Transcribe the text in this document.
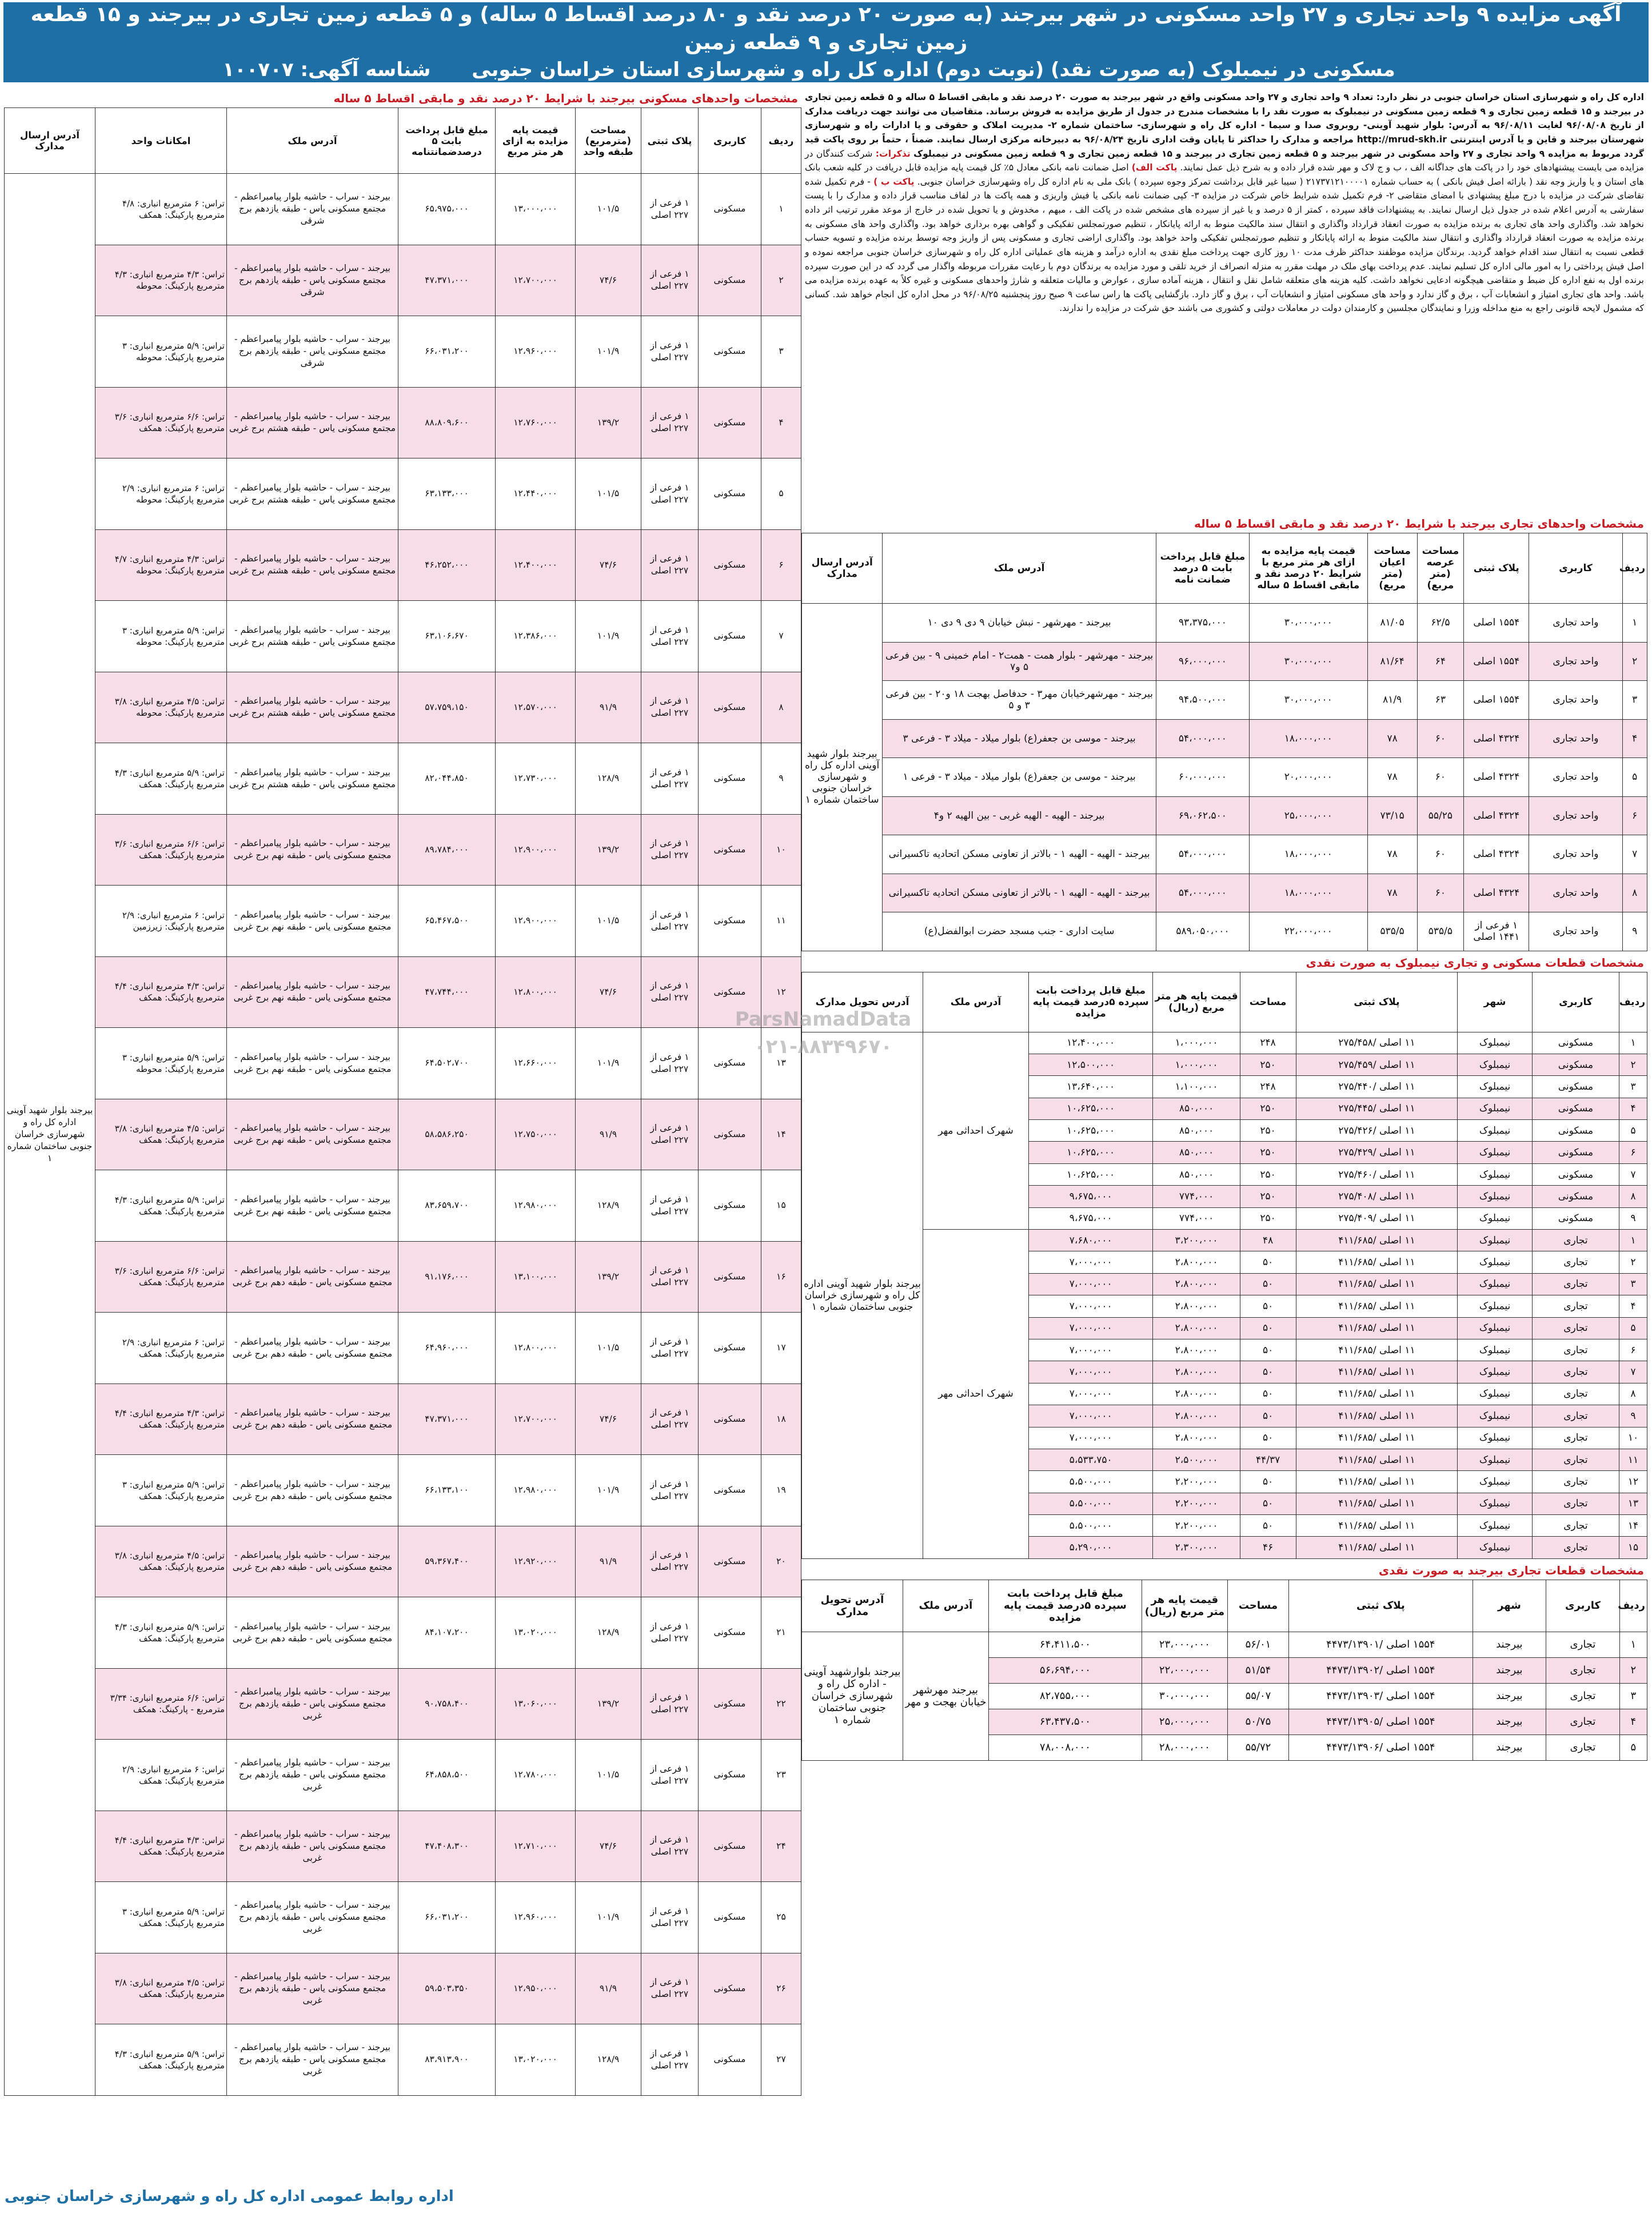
آگهی مزایده ۹ واحد تجاری و ۲۷ واحد مسکونی در شهر بیرجند (به صورت ۲۰ درصد نقد و ۸۰ درصد اقساط ۵ ساله) و ۵ قطعه زمین تجاری در بیرجند و ۱۵ قطعه زمین تجاری و ۹ قطعه زمین
مسکونی در نیمبلوک (به صورت نقد) (نوبت دوم) اداره کل راه و شهرسازی استان خراسان جنوبی شناسه آگهی: ۱۰۰۷۰۷
اداره کل راه و شهرسازی استان خراسان جنوبی در نظر دارد: تعداد ۹ واحد تجاری و ۲۷ واحد مسکونی واقع در شهر بیرجند به صورت ۲۰ درصد نقد و مابقی اقساط ۵ ساله و ۵ قطعه زمین تجاری در بیرجند و ۱۵ قطعه زمین تجاری و ۹ قطعه زمین مسکونی در نیمبلوک به صورت نقد را با مشخصات مندرج در جدول از طریق مزایده به فروش برساند. متقاضیان می توانند جهت دریافت مدارک از تاریخ ۹۶/۰۸/۰۸ لغایت ۹۶/۰۸/۱۱ به آدرس: بلوار شهید آوینی- روبروی صدا و سیما - اداره کل راه و شهرسازی- ساختمان شماره ۲- مدیریت املاک و حقوقی و یا ادارات راه و شهرسازی شهرستان بیرجند و قاین و یا آدرس اینترنتی http://mrud-skh.ir مراجعه و مدارک را حداکثر تا پایان وقت اداری تاریخ ۹۶/۰۸/۲۴ به دبیرخانه مرکزی ارسال نمایند. ضمناً ، حتماً بر روی پاکت قید گردد مربوط به مزایده ۹ واحد تجاری و ۲۷ واحد مسکونی در شهر بیرجند و ۵ قطعه زمین تجاری در بیرجند و ۱۵ قطعه زمین تجاری و ۹ قطعه زمین مسکونی در نیمبلوک تذکرات: شرکت کنندگان در مزایده می بایست پیشنهادهای خود را در پاکت های جداگانه الف ، ب و ج لاک و مهر شده قرار داده و به شرح ذیل عمل نمایند. پاکت الف) اصل ضمانت نامه بانکی معادل ۵٪ کل قیمت پایه مزایده قابل دریافت در کلیه شعب بانک های استان و یا واریز وجه نقد ( بارائه اصل فیش بانکی ) به حساب شماره ۲۱۷۳۷۱۲۱۰۰۰۰۱ ( سیبا غیر قابل برداشت تمرکز وجوه سپرده ) بانک ملی به نام اداره کل راه وشهرسازی خراسان جنوبی. پاکت ب ) - فرم تکمیل شده تقاضای شرکت در مزایده با درج مبلغ پیشنهادی با امضای متقاضی ۲- فرم تکمیل شده شرایط خاص شرکت در مزایده ۳- کپی ضمانت نامه بانکی یا فیش واریزی و همه پاکت ها در لفاف مناسب قرار داده و مدارک را با پست سفارشی به آدرس اعلام شده در جدول ذیل ارسال نمایند. به پیشنهادات فاقد سپرده ، کمتر از ۵ درصد و یا غیر از سپرده های مشخص شده در پاکت الف ، مبهم ، مخدوش و یا تحویل شده در خارج از موعد مقرر ترتیب اثر داده نخواهد شد. واگذاری واحد های تجاری به برنده مزایده به صورت انعقاد قرارداد واگذاری و انتقال سند مالکیت منوط به ارائه پایانکار ، تنظیم صورتمجلس تفکیکی و گواهی بهره برداری خواهد بود. واگذاری واحد های مسکونی به برنده مزایده به صورت انعقاد قرارداد واگذاری و انتقال سند مالکیت منوط به ارائه پایانکار و تنظیم صورتمجلس تفکیکی واحد خواهد بود. واگذاری اراضی تجاری و مسکونی پس از واریز وجه توسط برنده مزایده و تسویه حساب قطعی نسبت به انتقال سند اقدام خواهد گردید. برندگان مزایده موظفند حداکثر ظرف مدت ۱۰ روز کاری جهت پرداخت مبلغ نقدی به اداره درآمد و هزینه های عملیاتی اداره کل راه و شهرسازی خراسان جنوبی مراجعه نموده و اصل فیش پرداختی را به امور مالی اداره کل تسلیم نمایند. عدم پرداخت بهای ملک در مهلت مقرر به منزله انصراف از خرید تلقی و مورد مزایده به برندگان دوم با رعایت مقررات مربوطه واگذار می گردد که در این صورت سپرده برنده اول به نفع اداره کل ضبط و متقاضی هیچگونه ادعایی نخواهد داشت. کلیه هزینه های متعلقه شامل نقل و انتقال ، هزینه آماده سازی ، عوارض و مالیات متعلقه و شارژ واحدهای مسکونی و غیره کلاً به عهده برنده مزایده می باشد. واحد های تجاری امتیاز و انشعابات آب ، برق و گاز ندارد و واحد های مسکونی امتیاز و انشعابات آب ، برق و گاز دارد. بازگشایی پاکت ها راس ساعت ۹ صبح روز پنجشنبه ۹۶/۰۸/۲۵ در محل اداره کل انجام خواهد شد. کسانی که مشمول لایحه قانونی راجع به منع مداخله وزرا و نمایندگان مجلسین و کارمندان دولت در معاملات دولتی و کشوری می باشند حق شرکت در مزایده را ندارند.
مشخصات واحدهای تجاری بیرجند با شرایط ۲۰ درصد نقد و مابقی اقساط ۵ ساله
ردیف	کاربری	پلاک ثبتی	مساحت عرصه (متر مربع)	مساحت اعیان (متر مربع)	قیمت پایه مزایده به ازای هر متر مربع با شرایط ۲۰ درصد نقد و مابقی اقساط ۵ ساله	مبلغ قابل پرداخت بابت ۵ درصد ضمانت نامه	آدرس ملک	آدرس ارسال مدارک
۱	واحد تجاری	۱۵۵۴ اصلی	۶۲/۵	۸۱/۰۵	۳۰،۰۰۰،۰۰۰	۹۳،۳۷۵،۰۰۰	بیرجند - مهرشهر - نبش خیابان ۹ دی ۹ دی ۱۰	بیرجند بلوار شهید آوینی اداره کل راه و شهرسازی خراسان جنوبی ساختمان شماره ۱
۲	واحد تجاری	۱۵۵۴ اصلی	۶۴	۸۱/۶۴	۳۰،۰۰۰،۰۰۰	۹۶،۰۰۰،۰۰۰	بیرجند - مهرشهر - بلوار همت - همت۲ - امام خمینی ۹ - بین فرعی ۵ و۷	
۳	واحد تجاری	۱۵۵۴ اصلی	۶۳	۸۱/۹	۳۰،۰۰۰،۰۰۰	۹۴،۵۰۰،۰۰۰	بیرجند - مهرشهرخیابان مهر۳ - حدفاصل بهجت ۱۸ و۲۰ - بین فرعی ۳ و ۵	
۴	واحد تجاری	۴۳۲۴ اصلی	۶۰	۷۸	۱۸،۰۰۰،۰۰۰	۵۴،۰۰۰،۰۰۰	بیرجند - موسی بن جعفر(ع) بلوار میلاد - میلاد ۳ - فرعی ۳	
۵	واحد تجاری	۴۳۲۴ اصلی	۶۰	۷۸	۲۰،۰۰۰،۰۰۰	۶۰،۰۰۰،۰۰۰	بیرجند - موسی بن جعفر(ع) بلوار میلاد - میلاد ۳ - فرعی ۱	
۶	واحد تجاری	۴۳۲۴ اصلی	۵۵/۲۵	۷۳/۱۵	۲۵،۰۰۰،۰۰۰	۶۹،۰۶۲،۵۰۰	بیرجند - الهیه - الهیه غربی - بین الهیه ۲ و۴	
۷	واحد تجاری	۴۳۲۴ اصلی	۶۰	۷۸	۱۸،۰۰۰،۰۰۰	۵۴،۰۰۰،۰۰۰	بیرجند - الهیه - الهیه ۱ - بالاتر از تعاونی مسکن اتحادیه تاکسیرانی	
۸	واحد تجاری	۴۳۲۴ اصلی	۶۰	۷۸	۱۸،۰۰۰،۰۰۰	۵۴،۰۰۰،۰۰۰	بیرجند - الهیه - الهیه ۱ - بالاتر از تعاونی مسکن اتحادیه تاکسیرانی	
۹	واحد تجاری	۱ فرعی از ۱۴۴۱ اصلی	۵۳۵/۵	۵۳۵/۵	۲۲،۰۰۰،۰۰۰	۵۸۹،۰۵۰،۰۰۰	سایت اداری - جنب مسجد حضرت ابوالفضل(ع)	
مشخصات قطعات مسکونی و تجاری نیمبلوک به صورت نقدی
ردیف	کاربری	شهر	پلاک ثبتی	مساحت	قیمت پایه هر متر مربع (ریال)	مبلغ قابل پرداخت بابت سپرده ۵درصد قیمت پایه مزایده	آدرس ملک	آدرس تحویل مدارک
۱	مسکونی	نیمبلوک	۱۱ اصلی /۲۷۵/۴۵۸	۲۴۸	۱،۰۰۰،۰۰۰	۱۲،۴۰۰،۰۰۰	شهرک احداثی مهر	بیرجند بلوار شهید آوینی اداره کل راه و شهرسازی خراسان جنوبی ساختمان شماره ۱
۲	مسکونی	نیمبلوک	۱۱ اصلی /۲۷۵/۴۵۹	۲۵۰	۱،۰۰۰،۰۰۰	۱۲،۵۰۰،۰۰۰		
۳	مسکونی	نیمبلوک	۱۱ اصلی /۲۷۵/۴۴۰	۲۴۸	۱،۱۰۰،۰۰۰	۱۳،۶۴۰،۰۰۰		
۴	مسکونی	نیمبلوک	۱۱ اصلی /۲۷۵/۴۴۵	۲۵۰	۸۵۰،۰۰۰	۱۰،۶۲۵،۰۰۰		
۵	مسکونی	نیمبلوک	۱۱ اصلی /۲۷۵/۴۲۶	۲۵۰	۸۵۰،۰۰۰	۱۰،۶۲۵،۰۰۰		
۶	مسکونی	نیمبلوک	۱۱ اصلی /۲۷۵/۴۲۹	۲۵۰	۸۵۰،۰۰۰	۱۰،۶۲۵،۰۰۰		
۷	مسکونی	نیمبلوک	۱۱ اصلی /۲۷۵/۴۶۰	۲۵۰	۸۵۰،۰۰۰	۱۰،۶۲۵،۰۰۰		
۸	مسکونی	نیمبلوک	۱۱ اصلی /۲۷۵/۴۰۸	۲۵۰	۷۷۴،۰۰۰	۹،۶۷۵،۰۰۰		
۹	مسکونی	نیمبلوک	۱۱ اصلی /۲۷۵/۴۰۹	۲۵۰	۷۷۴،۰۰۰	۹،۶۷۵،۰۰۰		
۱	تجاری	نیمبلوک	۱۱ اصلی /۴۱۱/۶۸۵	۴۸	۳،۲۰۰،۰۰۰	۷،۶۸۰،۰۰۰	شهرک احداثی مهر	
۲	تجاری	نیمبلوک	۱۱ اصلی /۴۱۱/۶۸۵	۵۰	۲،۸۰۰،۰۰۰	۷،۰۰۰،۰۰۰		
۳	تجاری	نیمبلوک	۱۱ اصلی /۴۱۱/۶۸۵	۵۰	۲،۸۰۰،۰۰۰	۷،۰۰۰،۰۰۰		
۴	تجاری	نیمبلوک	۱۱ اصلی /۴۱۱/۶۸۵	۵۰	۲،۸۰۰،۰۰۰	۷،۰۰۰،۰۰۰		
۵	تجاری	نیمبلوک	۱۱ اصلی /۴۱۱/۶۸۵	۵۰	۲،۸۰۰،۰۰۰	۷،۰۰۰،۰۰۰		
۶	تجاری	نیمبلوک	۱۱ اصلی /۴۱۱/۶۸۵	۵۰	۲،۸۰۰،۰۰۰	۷،۰۰۰،۰۰۰		
۷	تجاری	نیمبلوک	۱۱ اصلی /۴۱۱/۶۸۵	۵۰	۲،۸۰۰،۰۰۰	۷،۰۰۰،۰۰۰		
۸	تجاری	نیمبلوک	۱۱ اصلی /۴۱۱/۶۸۵	۵۰	۲،۸۰۰،۰۰۰	۷،۰۰۰،۰۰۰		
۹	تجاری	نیمبلوک	۱۱ اصلی /۴۱۱/۶۸۵	۵۰	۲،۸۰۰،۰۰۰	۷،۰۰۰،۰۰۰		
۱۰	تجاری	نیمبلوک	۱۱ اصلی /۴۱۱/۶۸۵	۵۰	۲،۸۰۰،۰۰۰	۷،۰۰۰،۰۰۰		
۱۱	تجاری	نیمبلوک	۱۱ اصلی /۴۱۱/۶۸۵	۴۴/۳۷	۲،۵۰۰،۰۰۰	۵،۵۳۳،۷۵۰		
۱۲	تجاری	نیمبلوک	۱۱ اصلی /۴۱۱/۶۸۵	۵۰	۲،۲۰۰،۰۰۰	۵،۵۰۰،۰۰۰		
۱۳	تجاری	نیمبلوک	۱۱ اصلی /۴۱۱/۶۸۵	۵۰	۲،۲۰۰،۰۰۰	۵،۵۰۰،۰۰۰		
۱۴	تجاری	نیمبلوک	۱۱ اصلی /۴۱۱/۶۸۵	۵۰	۲،۲۰۰،۰۰۰	۵،۵۰۰،۰۰۰		
۱۵	تجاری	نیمبلوک	۱۱ اصلی /۴۱۱/۶۸۵	۴۶	۲،۳۰۰،۰۰۰	۵،۲۹۰،۰۰۰		
مشخصات قطعات تجاری بیرجند به صورت نقدی
ردیف	کاربری	شهر	پلاک ثبتی	مساحت	قیمت پایه هر متر مربع (ریال)	مبلغ قابل پرداخت بابت سپرده ۵درصد قیمت پایه مزایده	آدرس ملک	آدرس تحویل مدارک
۱	تجاری	بیرجند	۱۵۵۴ اصلی /۴۴۷۳/۱۳۹۰۱	۵۶/۰۱	۲۳،۰۰۰،۰۰۰	۶۴،۴۱۱،۵۰۰	بیرجند مهرشهر خیابان بهجت و مهر	بیرجند بلوارشهید آوینی - اداره کل راه و شهرسازی خراسان جنوبی ساختمان شماره ۱
۲	تجاری	بیرجند	۱۵۵۴ اصلی /۴۴۷۳/۱۳۹۰۲	۵۱/۵۴	۲۲،۰۰۰،۰۰۰	۵۶،۶۹۴،۰۰۰		
۳	تجاری	بیرجند	۱۵۵۴ اصلی /۴۴۷۳/۱۳۹۰۳	۵۵/۰۷	۳۰،۰۰۰،۰۰۰	۸۲،۷۵۵،۰۰۰		
۴	تجاری	بیرجند	۱۵۵۴ اصلی /۴۴۷۳/۱۳۹۰۵	۵۰/۷۵	۲۵،۰۰۰،۰۰۰	۶۳،۴۳۷،۵۰۰		
۵	تجاری	بیرجند	۱۵۵۴ اصلی /۴۴۷۳/۱۳۹۰۶	۵۵/۷۲	۲۸،۰۰۰،۰۰۰	۷۸،۰۰۸،۰۰۰		
مشخصات واحدهای مسکونی بیرجند با شرایط ۲۰ درصد نقد و مابقی اقساط ۵ ساله
ردیف	کاربری	پلاک ثبتی	مساحت (مترمربع) طبقه واحد	قیمت پایه مزایده به ازای هر متر مربع	مبلغ قابل پرداخت بابت ۵ درصدضمانتنامه	آدرس ملک	امکانات واحد	آدرس ارسال مدارک
۱	مسکونی	۱ فرعی از ۲۲۷ اصلی	۱۰۱/۵	۱۳،۰۰۰،۰۰۰	۶۵،۹۷۵،۰۰۰	بیرجند - سراب - حاشیه بلوار پیامبراعظم - مجتمع مسکونی یاس - طبقه یازدهم برج شرقی	تراس: ۶ مترمربع انباری: ۴/۸ مترمربع پارکینگ: همکف	بیرجند بلوار شهید آوینی اداره کل راه و شهرسازی خراسان جنوبی ساختمان شماره ۱
۲	مسکونی	۱ فرعی از ۲۲۷ اصلی	۷۴/۶	۱۲،۷۰۰،۰۰۰	۴۷،۳۷۱،۰۰۰	بیرجند - سراب - حاشیه بلوار پیامبراعظم - مجتمع مسکونی یاس - طبقه یازدهم برج شرقی	تراس: ۴/۳ مترمربع انباری: ۴/۳ مترمربع پارکینگ: محوطه	
۳	مسکونی	۱ فرعی از ۲۲۷ اصلی	۱۰۱/۹	۱۲،۹۶۰،۰۰۰	۶۶،۰۳۱،۲۰۰	بیرجند - سراب - حاشیه بلوار پیامبراعظم - مجتمع مسکونی یاس - طبقه یازدهم برج شرقی	تراس: ۵/۹ مترمربع انباری: ۳ مترمربع پارکینگ: محوطه	
۴	مسکونی	۱ فرعی از ۲۲۷ اصلی	۱۳۹/۲	۱۲،۷۶۰،۰۰۰	۸۸،۸۰۹،۶۰۰	بیرجند - سراب - حاشیه بلوار پیامبراعظم - مجتمع مسکونی یاس - طبقه هشتم برج غربی	تراس: ۶/۶ مترمربع انباری: ۳/۶ مترمربع پارکینگ: همکف	
۵	مسکونی	۱ فرعی از ۲۲۷ اصلی	۱۰۱/۵	۱۲،۴۴۰،۰۰۰	۶۳،۱۳۳،۰۰۰	بیرجند - سراب - حاشیه بلوار پیامبراعظم - مجتمع مسکونی یاس - طبقه هشتم برج غربی	تراس: ۶ مترمربع انباری: ۲/۹ مترمربع پارکینگ: محوطه	
۶	مسکونی	۱ فرعی از ۲۲۷ اصلی	۷۴/۶	۱۲،۴۰۰،۰۰۰	۴۶،۲۵۲،۰۰۰	بیرجند - سراب - حاشیه بلوار پیامبراعظم - مجتمع مسکونی یاس - طبقه هشتم برج غربی	تراس: ۴/۳ مترمربع انباری: ۴/۷ مترمربع پارکینگ: محوطه	
۷	مسکونی	۱ فرعی از ۲۲۷ اصلی	۱۰۱/۹	۱۲،۳۸۶،۰۰۰	۶۳،۱۰۶،۶۷۰	بیرجند - سراب - حاشیه بلوار پیامبراعظم - مجتمع مسکونی یاس - طبقه هشتم برج غربی	تراس: ۵/۹ مترمربع انباری: ۳ مترمربع پارکینگ: محوطه	
۸	مسکونی	۱ فرعی از ۲۲۷ اصلی	۹۱/۹	۱۲،۵۷۰،۰۰۰	۵۷،۷۵۹،۱۵۰	بیرجند - سراب - حاشیه بلوار پیامبراعظم - مجتمع مسکونی یاس - طبقه هشتم برج غربی	تراس: ۴/۵ مترمربع انباری: ۳/۸ مترمربع پارکینگ: محوطه	
۹	مسکونی	۱ فرعی از ۲۲۷ اصلی	۱۲۸/۹	۱۲،۷۳۰،۰۰۰	۸۲،۰۴۴،۸۵۰	بیرجند - سراب - حاشیه بلوار پیامبراعظم - مجتمع مسکونی یاس - طبقه هشتم برج غربی	تراس: ۵/۹ مترمربع انباری: ۴/۳ مترمربع پارکینگ: همکف	
۱۰	مسکونی	۱ فرعی از ۲۲۷ اصلی	۱۳۹/۲	۱۲،۹۰۰،۰۰۰	۸۹،۷۸۴،۰۰۰	بیرجند - سراب - حاشیه بلوار پیامبراعظم - مجتمع مسکونی یاس - طبقه نهم برج غربی	تراس: ۶/۶ مترمربع انباری: ۳/۶ مترمربع پارکینگ: همکف	
۱۱	مسکونی	۱ فرعی از ۲۲۷ اصلی	۱۰۱/۵	۱۲،۹۰۰،۰۰۰	۶۵،۴۶۷،۵۰۰	بیرجند - سراب - حاشیه بلوار پیامبراعظم - مجتمع مسکونی یاس - طبقه نهم برج غربی	تراس: ۶ مترمربع انباری: ۲/۹ مترمربع پارکینگ: زیرزمین	
۱۲	مسکونی	۱ فرعی از ۲۲۷ اصلی	۷۴/۶	۱۲،۸۰۰،۰۰۰	۴۷،۷۴۴،۰۰۰	بیرجند - سراب - حاشیه بلوار پیامبراعظم - مجتمع مسکونی یاس - طبقه نهم برج غربی	تراس: ۴/۳ مترمربع انباری: ۴/۴ مترمربع پارکینگ: همکف	
۱۳	مسکونی	۱ فرعی از ۲۲۷ اصلی	۱۰۱/۹	۱۲،۶۶۰،۰۰۰	۶۴،۵۰۲،۷۰۰	بیرجند - سراب - حاشیه بلوار پیامبراعظم - مجتمع مسکونی یاس - طبقه نهم برج غربی	تراس: ۵/۹ مترمربع انباری: ۳ مترمربع پارکینگ: محوطه	
۱۴	مسکونی	۱ فرعی از ۲۲۷ اصلی	۹۱/۹	۱۲،۷۵۰،۰۰۰	۵۸،۵۸۶،۲۵۰	بیرجند - سراب - حاشیه بلوار پیامبراعظم - مجتمع مسکونی یاس - طبقه نهم برج غربی	تراس: ۴/۵ مترمربع انباری: ۳/۸ مترمربع پارکینگ: همکف	
۱۵	مسکونی	۱ فرعی از ۲۲۷ اصلی	۱۲۸/۹	۱۲،۹۸۰،۰۰۰	۸۳،۶۵۹،۷۰۰	بیرجند - سراب - حاشیه بلوار پیامبراعظم - مجتمع مسکونی یاس - طبقه نهم برج غربی	تراس: ۵/۹ مترمربع انباری: ۴/۳ مترمربع پارکینگ: همکف	
۱۶	مسکونی	۱ فرعی از ۲۲۷ اصلی	۱۳۹/۲	۱۳،۱۰۰،۰۰۰	۹۱،۱۷۶،۰۰۰	بیرجند - سراب - حاشیه بلوار پیامبراعظم - مجتمع مسکونی یاس - طبقه دهم برج غربی	تراس: ۶/۶ مترمربع انباری: ۳/۶ مترمربع پارکینگ: همکف	
۱۷	مسکونی	۱ فرعی از ۲۲۷ اصلی	۱۰۱/۵	۱۲،۸۰۰،۰۰۰	۶۴،۹۶۰،۰۰۰	بیرجند - سراب - حاشیه بلوار پیامبراعظم - مجتمع مسکونی یاس - طبقه دهم برج غربی	تراس: ۶ مترمربع انباری: ۲/۹ مترمربع پارکینگ: همکف	
۱۸	مسکونی	۱ فرعی از ۲۲۷ اصلی	۷۴/۶	۱۲،۷۰۰،۰۰۰	۴۷،۳۷۱،۰۰۰	بیرجند - سراب - حاشیه بلوار پیامبراعظم - مجتمع مسکونی یاس - طبقه دهم برج غربی	تراس: ۴/۳ مترمربع انباری: ۴/۴ مترمربع پارکینگ: همکف	
۱۹	مسکونی	۱ فرعی از ۲۲۷ اصلی	۱۰۱/۹	۱۲،۹۸۰،۰۰۰	۶۶،۱۳۳،۱۰۰	بیرجند - سراب - حاشیه بلوار پیامبراعظم - مجتمع مسکونی یاس - طبقه دهم برج غربی	تراس: ۵/۹ مترمربع انباری: ۳ مترمربع پارکینگ: همکف	
۲۰	مسکونی	۱ فرعی از ۲۲۷ اصلی	۹۱/۹	۱۲،۹۲۰،۰۰۰	۵۹،۳۶۷،۴۰۰	بیرجند - سراب - حاشیه بلوار پیامبراعظم - مجتمع مسکونی یاس - طبقه دهم برج غربی	تراس: ۴/۵ مترمربع انباری: ۳/۸ مترمربع پارکینگ: همکف	
۲۱	مسکونی	۱ فرعی از ۲۲۷ اصلی	۱۲۸/۹	۱۳،۰۲۰،۰۰۰	۸۴،۱۰۷،۲۰۰	بیرجند - سراب - حاشیه بلوار پیامبراعظم - مجتمع مسکونی یاس - طبقه دهم برج غربی	تراس: ۵/۹ مترمربع انباری: ۴/۳ مترمربع پارکینگ: همکف	
۲۲	مسکونی	۱ فرعی از ۲۲۷ اصلی	۱۳۹/۲	۱۳،۰۶۰،۰۰۰	۹۰،۷۵۸،۴۰۰	بیرجند - سراب - حاشیه بلوار پیامبراعظم - مجتمع مسکونی یاس - طبقه یازدهم برج غربی	تراس: ۶/۶ مترمربع انباری: ۳/۳۴ مترمربع - پارکینگ: همکف	
۲۳	مسکونی	۱ فرعی از ۲۲۷ اصلی	۱۰۱/۵	۱۲،۷۸۰،۰۰۰	۶۴،۸۵۸،۵۰۰	بیرجند - سراب - حاشیه بلوار پیامبراعظم - مجتمع مسکونی یاس - طبقه یازدهم برج غربی	تراس: ۶ مترمربع انباری: ۲/۹ مترمربع پارکینگ: همکف	
۲۴	مسکونی	۱ فرعی از ۲۲۷ اصلی	۷۴/۶	۱۲،۷۱۰،۰۰۰	۴۷،۴۰۸،۳۰۰	بیرجند - سراب - حاشیه بلوار پیامبراعظم - مجتمع مسکونی یاس - طبقه یازدهم برج غربی	تراس: ۴/۳ مترمربع انباری: ۴/۴ مترمربع پارکینگ: همکف	
۲۵	مسکونی	۱ فرعی از ۲۲۷ اصلی	۱۰۱/۹	۱۲،۹۶۰،۰۰۰	۶۶،۰۳۱،۲۰۰	بیرجند - سراب - حاشیه بلوار پیامبراعظم - مجتمع مسکونی یاس - طبقه یازدهم برج غربی	تراس: ۵/۹ مترمربع انباری: ۳ مترمربع پارکینگ: همکف	
۲۶	مسکونی	۱ فرعی از ۲۲۷ اصلی	۹۱/۹	۱۲،۹۵۰،۰۰۰	۵۹،۵۰۳،۳۵۰	بیرجند - سراب - حاشیه بلوار پیامبراعظم - مجتمع مسکونی یاس - طبقه یازدهم برج غربی	تراس: ۴/۵ مترمربع انباری: ۳/۸ مترمربع پارکینگ: همکف	
۲۷	مسکونی	۱ فرعی از ۲۲۷ اصلی	۱۲۸/۹	۱۳،۰۲۰،۰۰۰	۸۳،۹۱۳،۹۰۰	بیرجند - سراب - حاشیه بلوار پیامبراعظم - مجتمع مسکونی یاس - طبقه یازدهم برج غربی	تراس: ۵/۹ مترمربع انباری: ۴/۳ مترمربع پارکینگ: همکف	
ParsNamadData
۰۲۱-۸۸۳۴۹۶۷۰
اداره روابط عمومی اداره کل راه و شهرسازی خراسان جنوبی
